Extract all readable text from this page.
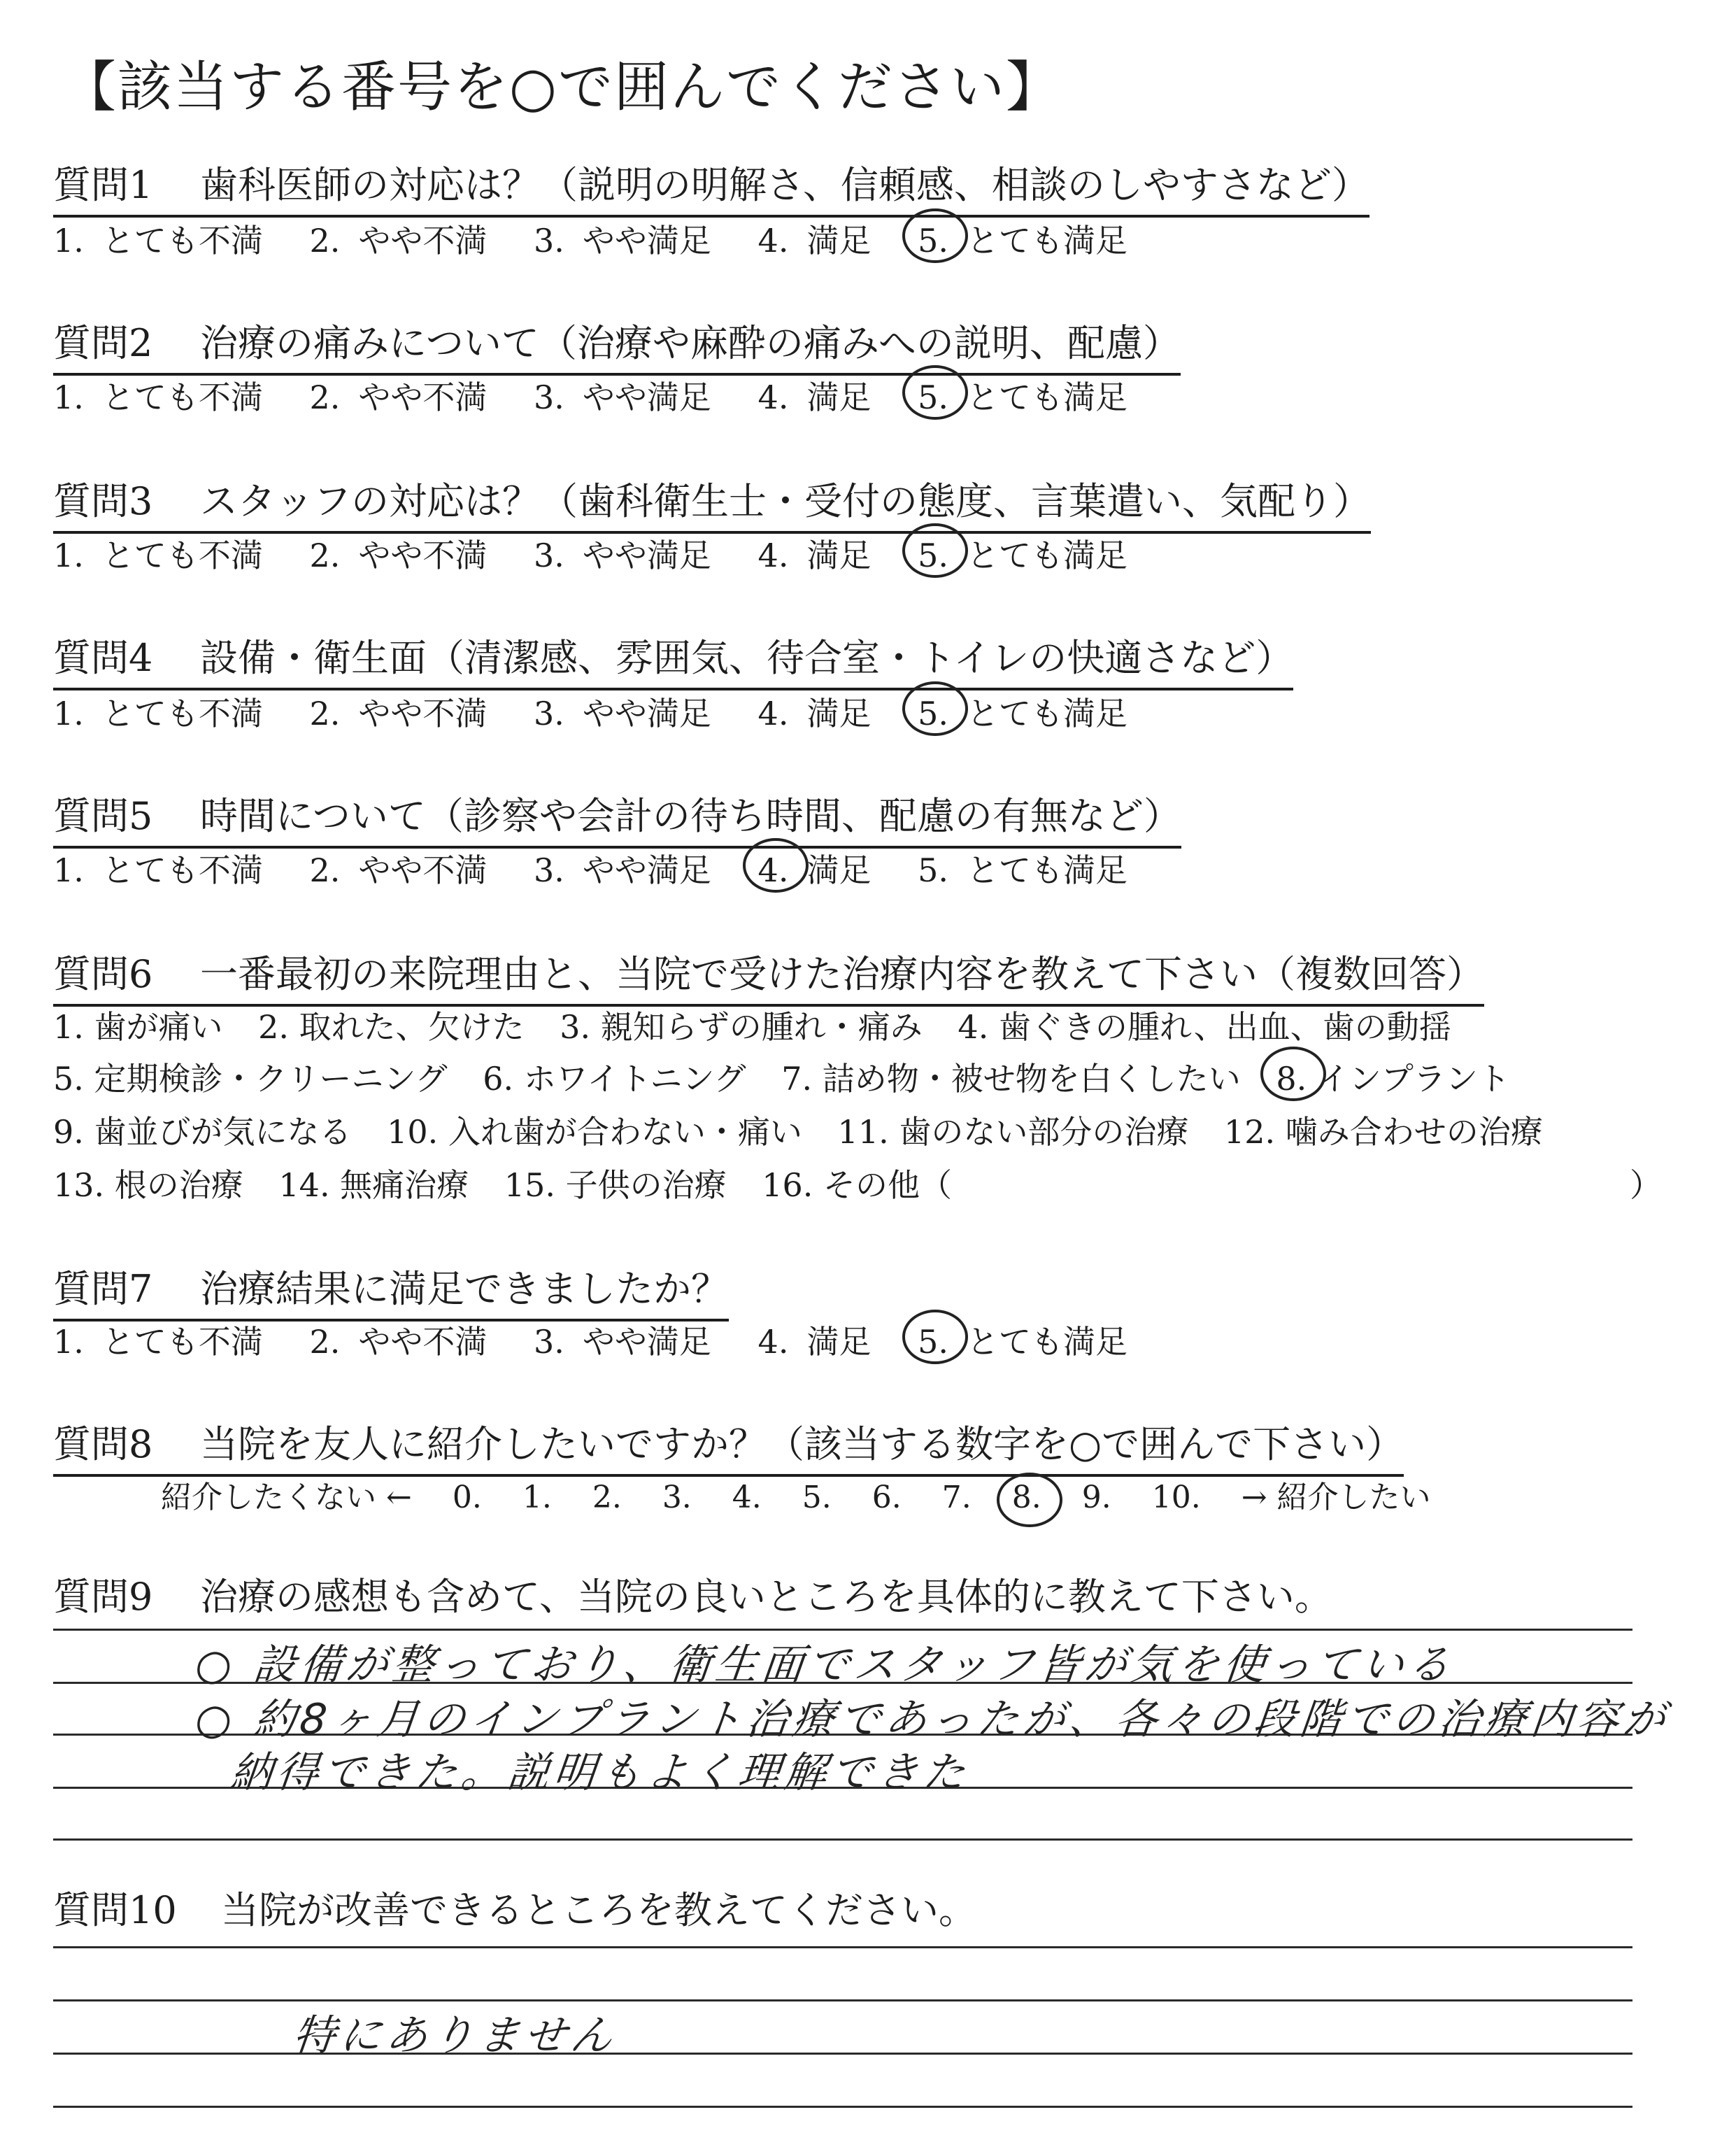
【該当する番号を○で囲んでください】
質問1 歯科医師の対応は？（説明の明解さ、信頼感、相談のしやすさなど）
1. とても不満 2. やや不満 3. やや満足 4. 満足 5. とても満足
質問2 治療の痛みについて（治療や麻酔の痛みへの説明、配慮）
1. とても不満 2. やや不満 3. やや満足 4. 満足 5. とても満足
質問3 スタッフの対応は？（歯科衛生士・受付の態度、言葉遣い、気配り）
1. とても不満 2. やや不満 3. やや満足 4. 満足 5. とても満足
質問4 設備・衛生面（清潔感、雰囲気、待合室・トイレの快適さなど）
1. とても不満 2. やや不満 3. やや満足 4. 満足 5. とても満足
質問5 時間について（診察や会計の待ち時間、配慮の有無など）
1. とても不満 2. やや不満 3. やや満足 4. 満足 5. とても満足
質問6 一番最初の来院理由と、当院で受けた治療内容を教えて下さい（複数回答）
1. 歯が痛い 2. 取れた、欠けた 3. 親知らずの腫れ・痛み 4. 歯ぐきの腫れ、出血、歯の動揺
5. 定期検診・クリーニング 6. ホワイトニング 7. 詰め物・被せ物を白くしたい 8. インプラント
9. 歯並びが気になる 10. 入れ歯が合わない・痛い 11. 歯のない部分の治療 12. 噛み合わせの治療
13. 根の治療 14. 無痛治療 15. 子供の治療 16. その他（	）
質問7 治療結果に満足できましたか？
1. とても不満 2. やや不満 3. やや満足 4. 満足 5. とても満足
質問8 当院を友人に紹介したいですか？（該当する数字を○で囲んで下さい）
紹介したくない ← 0. 1. 2. 3. 4. 5. 6. 7. 8. 9. 10. → 紹介したい
質問9 治療の感想も含めて、当院の良いところを具体的に教えて下さい。
○ 設備が整っており、衛生面でスタッフ皆が気を使っている
○ 約8ヶ月のインプラント治療であったが、各々の段階での治療内容が
納得できた。説明もよく理解できた
質問10 当院が改善できるところを教えてください。
特にありません
